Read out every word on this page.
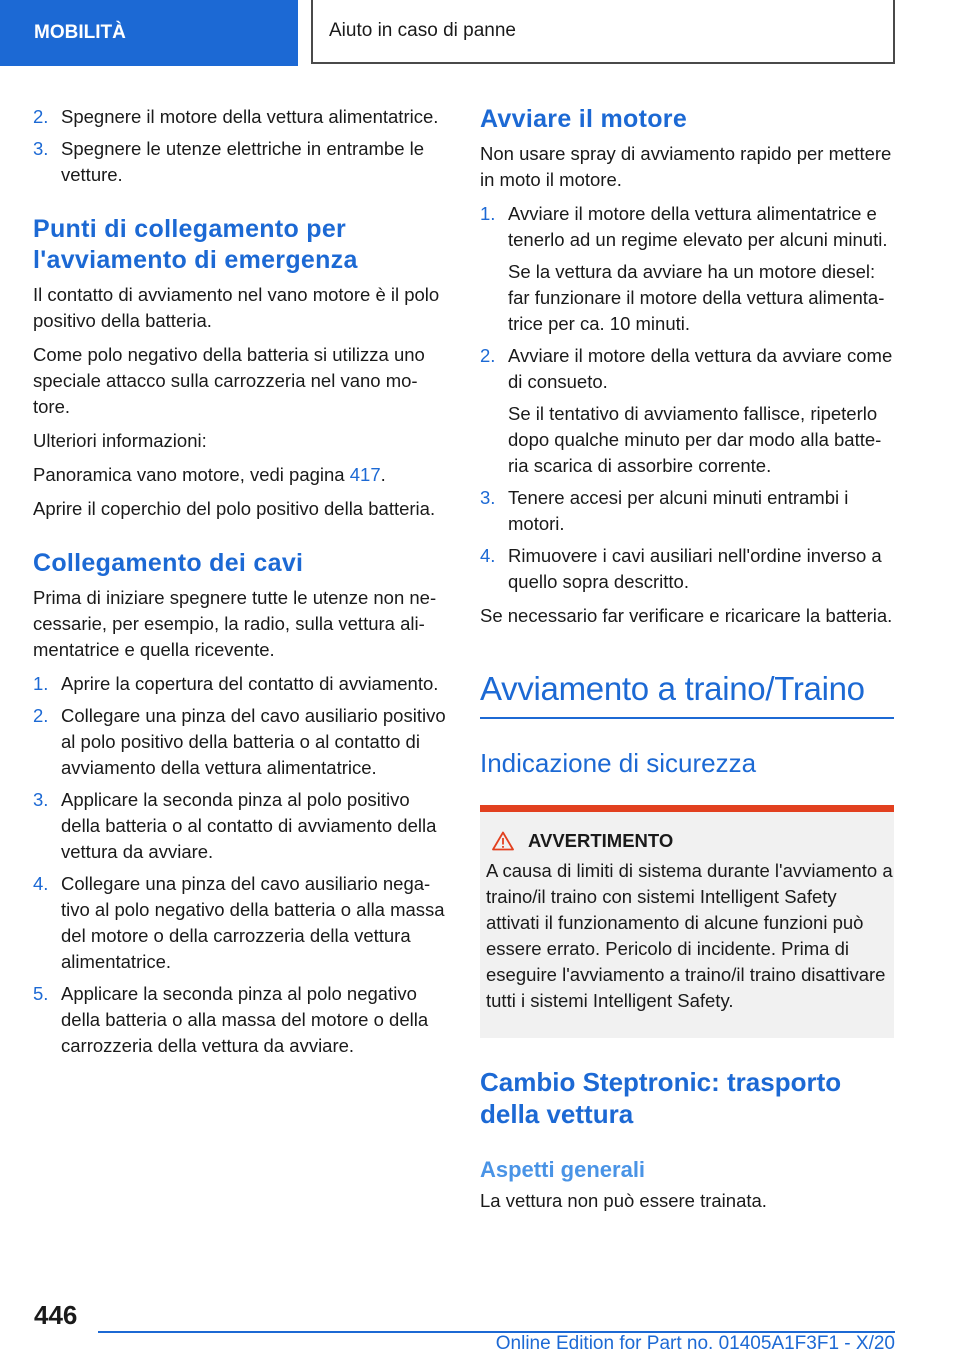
MOBILITÀ	Aiuto in caso di panne
2. Spegnere il motore della vettura alimentatrice.
3. Spegnere le utenze elettriche in entrambe le vetture.
Punti di collegamento per l'avviamento di emergenza

Il contatto di avviamento nel vano motore è il polo positivo della batteria.

Come polo negativo della batteria si utilizza uno speciale attacco sulla carrozzeria nel vano motore.

Ulteriori informazioni:

Panoramica vano motore, vedi pagina 417.

Aprire il coperchio del polo positivo della batteria.

Collegamento dei cavi

Prima di iniziare spegnere tutte le utenze non necessarie, per esempio, la radio, sulla vettura alimentatrice e quella ricevente.

1. Aprire la copertura del contatto di avviamento.
2. Collegare una pinza del cavo ausiliario positivo al polo positivo della batteria o al contatto di avviamento della vettura alimentatrice.
3. Applicare la seconda pinza al polo positivo della batteria o al contatto di avviamento della vettura da avviare.
4. Collegare una pinza del cavo ausiliario negativo al polo negativo della batteria o alla massa del motore o della carrozzeria della vettura alimentatrice.
5. Applicare la seconda pinza al polo negativo della batteria o alla massa del motore o della carrozzeria della vettura da avviare.
Avviare il motore

Non usare spray di avviamento rapido per mettere in moto il motore.

1. Avviare il motore della vettura alimentatrice e tenerlo ad un regime elevato per alcuni minuti.
Se la vettura da avviare ha un motore diesel: far funzionare il motore della vettura alimentatrice per ca. 10 minuti.
2. Avviare il motore della vettura da avviare come di consueto.
Se il tentativo di avviamento fallisce, ripeterlo dopo qualche minuto per dar modo alla batteria scarica di assorbire corrente.
3. Tenere accesi per alcuni minuti entrambi i motori.
4. Rimuovere i cavi ausiliari nell'ordine inverso a quello sopra descritto.

Se necessario far verificare e ricaricare la batteria.

Avviamento a traino/Traino
Indicazione di sicurezza
AVVERTIMENTO

A causa di limiti di sistema durante l'avviamento a traino/il traino con sistemi Intelligent Safety attivati il funzionamento di alcune funzioni può essere errato. Pericolo di incidente. Prima di eseguire l'avviamento a traino/il traino disattivare tutti i sistemi Intelligent Safety.

Cambio Steptronic: trasporto della vettura
Aspetti generali

La vettura non può essere trainata.

446
Online Edition for Part no. 01405A1F3F1 - X/20
